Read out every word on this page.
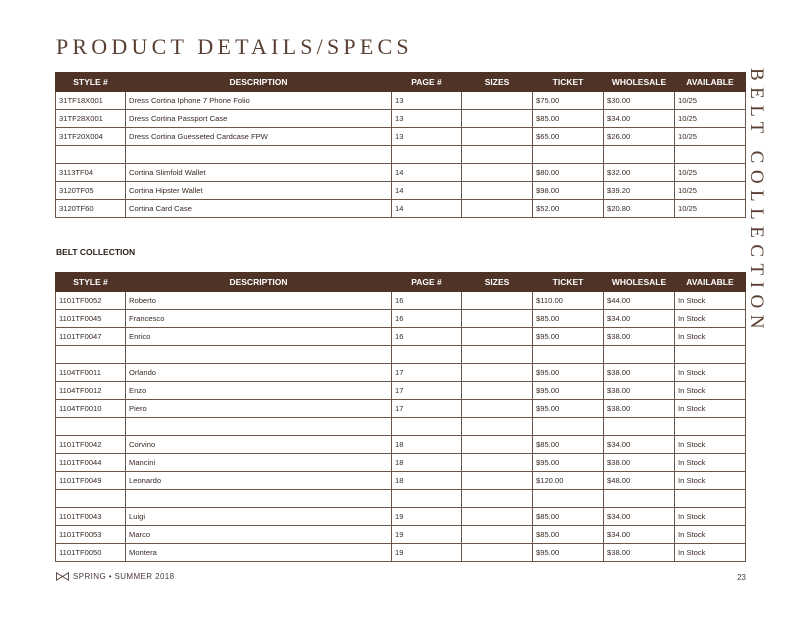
PRODUCT DETAILS/SPECS
BELT COLLECTION
STYLE #	DESCRIPTION	PAGE #	SIZES	TICKET	WHOLESALE	AVAILABLE
31TF18X001	Dress Cortina Iphone 7 Phone Folio	13		$75.00	$30.00	10/25
31TF28X001	Dress Cortina Passport Case	13		$85.00	$34.00	10/25
31TF20X004	Dress Cortina Guesseted Cardcase FPW	13		$65.00	$26.00	10/25

3113TF04	Cortina Slimfold Wallet	14		$80.00	$32.00	10/25
3120TF05	Cortina Hipster Wallet	14		$98.00	$39.20	10/25
3120TF60	Cortina Card Case	14		$52.00	$20.80	10/25
BELT COLLECTION
STYLE #	DESCRIPTION	PAGE #	SIZES	TICKET	WHOLESALE	AVAILABLE
1101TF0052	Roberto	16		$110.00	$44.00	In Stock
1101TF0045	Francesco	16		$85.00	$34.00	In Stock
1101TF0047	Enrico	16		$95.00	$38.00	In Stock

1104TF0011	Orlando	17		$95.00	$38.00	In Stock
1104TF0012	Enzo	17		$95.00	$38.00	In Stock
1104TF0010	Piero	17		$95.00	$38.00	In Stock

1101TF0042	Corvino	18		$85.00	$34.00	In Stock
1101TF0044	Mancini	18		$95.00	$38.00	In Stock
1101TF0049	Leonardo	18		$120.00	$48.00	In Stock

1101TF0043	Luigi	19		$85.00	$34.00	In Stock
1101TF0053	Marco	19		$85.00	$34.00	In Stock
1101TF0050	Montera	19		$95.00	$38.00	In Stock
SPRING • SUMMER 2018	23
